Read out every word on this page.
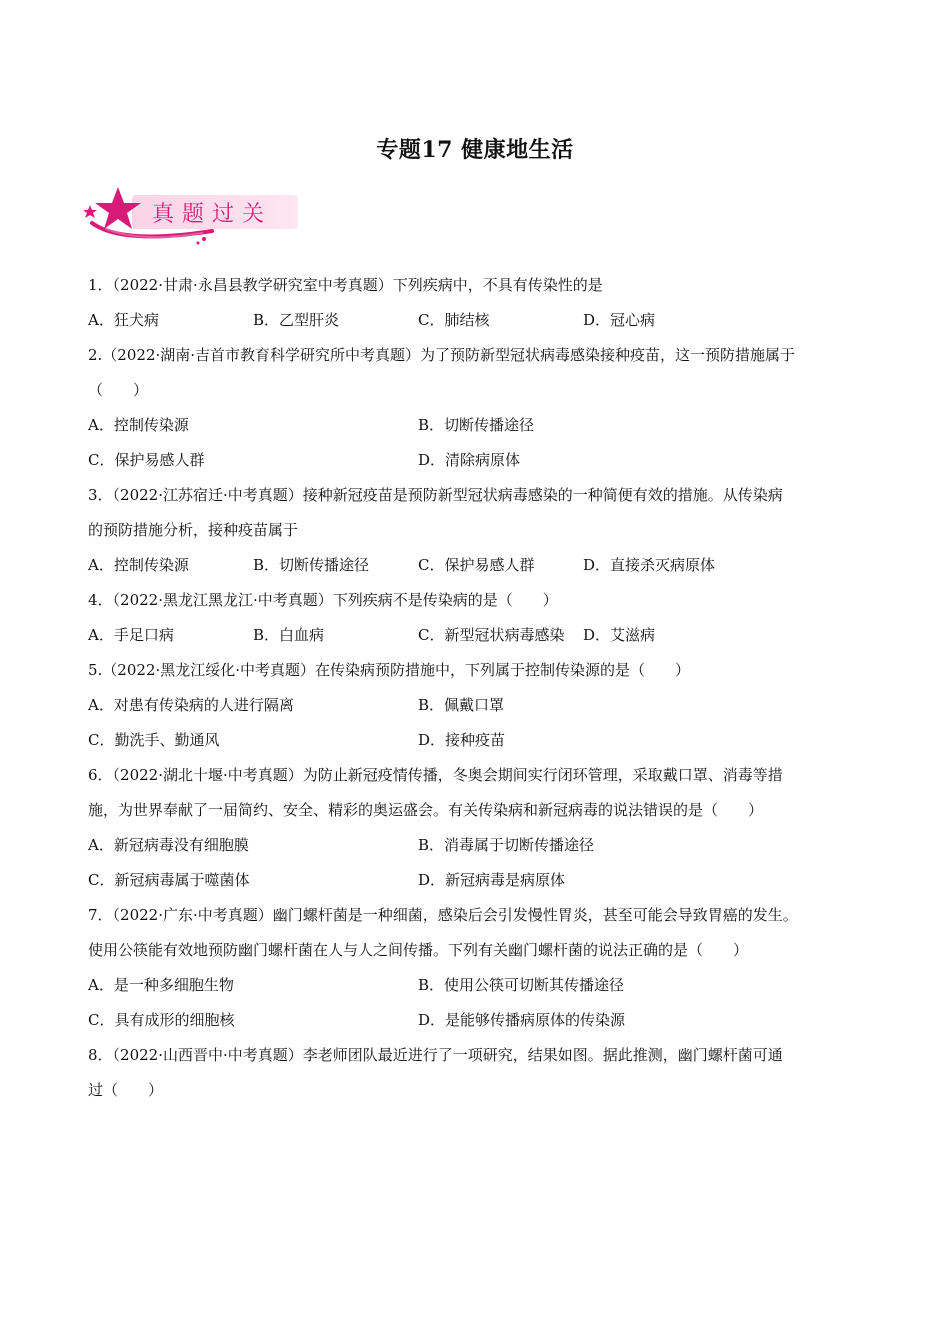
专题17 健康地生活
真题过关
1．（2022·甘肃·永昌县教学研究室中考真题）下列疾病中，不具有传染性的是
A．狂犬病	B．乙型肝炎	C．肺结核	D．冠心病
2.（2022·湖南·吉首市教育科学研究所中考真题）为了预防新型冠状病毒感染接种疫苗，这一预防措施属于
（　　）
A．控制传染源	B．切断传播途径
C．保护易感人群	D．清除病原体
3．（2022·江苏宿迁·中考真题）接种新冠疫苗是预防新型冠状病毒感染的一种简便有效的措施。从传染病
的预防措施分析，接种疫苗属于
A．控制传染源	B．切断传播途径	C．保护易感人群	D．直接杀灭病原体
4．（2022·黑龙江黑龙江·中考真题）下列疾病不是传染病的是（　　）
A．手足口病	B．白血病	C．新型冠状病毒感染	D．艾滋病
5.（2022·黑龙江绥化·中考真题）在传染病预防措施中，下列属于控制传染源的是（　　）
A．对患有传染病的人进行隔离	B．佩戴口罩
C．勤洗手、勤通风	D．接种疫苗
6．（2022·湖北十堰·中考真题）为防止新冠疫情传播，冬奥会期间实行闭环管理，采取戴口罩、消毒等措
施，为世界奉献了一届简约、安全、精彩的奥运盛会。有关传染病和新冠病毒的说法错误的是（　　）
A．新冠病毒没有细胞膜	B．消毒属于切断传播途径
C．新冠病毒属于噬菌体	D．新冠病毒是病原体
7．（2022·广东·中考真题）幽门螺杆菌是一种细菌，感染后会引发慢性胃炎，甚至可能会导致胃癌的发生。
使用公筷能有效地预防幽门螺杆菌在人与人之间传播。下列有关幽门螺杆菌的说法正确的是（　　）
A．是一种多细胞生物	B．使用公筷可切断其传播途径
C．具有成形的细胞核	D．是能够传播病原体的传染源
8．（2022·山西晋中·中考真题）李老师团队最近进行了一项研究，结果如图。据此推测，幽门螺杆菌可通
过（　　）
